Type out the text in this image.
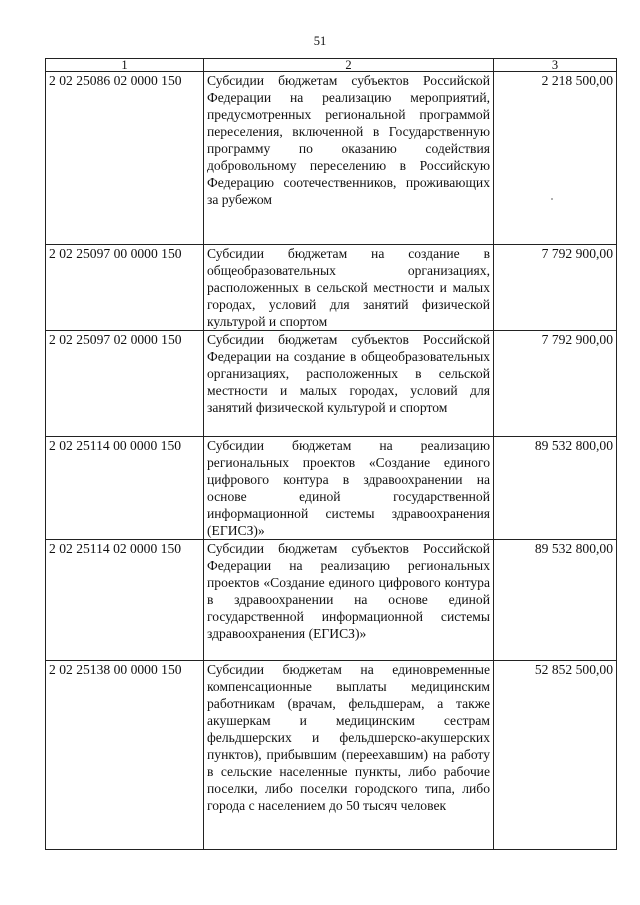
51
1	2	3
2 02 25086 02 0000 150	Субсидии бюджетам субъектов Российской Федерации на реализацию мероприятий, предусмотренных региональной программой переселения, включенной в Государственную программу по оказанию содействия добровольному переселению в Российскую Федерацию соотечественников, проживающих за рубежом	2 218 500,00
2 02 25097 00 0000 150	Субсидии бюджетам на создание в общеобразовательных организациях, расположенных в сельской местности и малых городах, условий для занятий физической культурой и спортом	7 792 900,00
2 02 25097 02 0000 150	Субсидии бюджетам субъектов Российской Федерации на создание в общеобразовательных организациях, расположенных в сельской местности и малых городах, условий для занятий физической культурой и спортом	7 792 900,00
2 02 25114 00 0000 150	Субсидии бюджетам на реализацию региональных проектов «Создание единого цифрового контура в здравоохранении на основе единой государственной информационной системы здравоохранения (ЕГИСЗ)»	89 532 800,00
2 02 25114 02 0000 150	Субсидии бюджетам субъектов Российской Федерации на реализацию региональных проектов «Создание единого цифрового контура в здравоохранении на основе единой государственной информационной системы здравоохранения (ЕГИСЗ)»	89 532 800,00
2 02 25138 00 0000 150	Субсидии бюджетам на единовременные компенсационные выплаты медицинским работникам (врачам, фельдшерам, а также акушеркам и медицинским сестрам фельдшерских и фельдшерско-акушерских пунктов), прибывшим (переехавшим) на работу в сельские населенные пункты, либо рабочие поселки, либо поселки городского типа, либо города с населением до 50 тысяч человек	52 852 500,00
